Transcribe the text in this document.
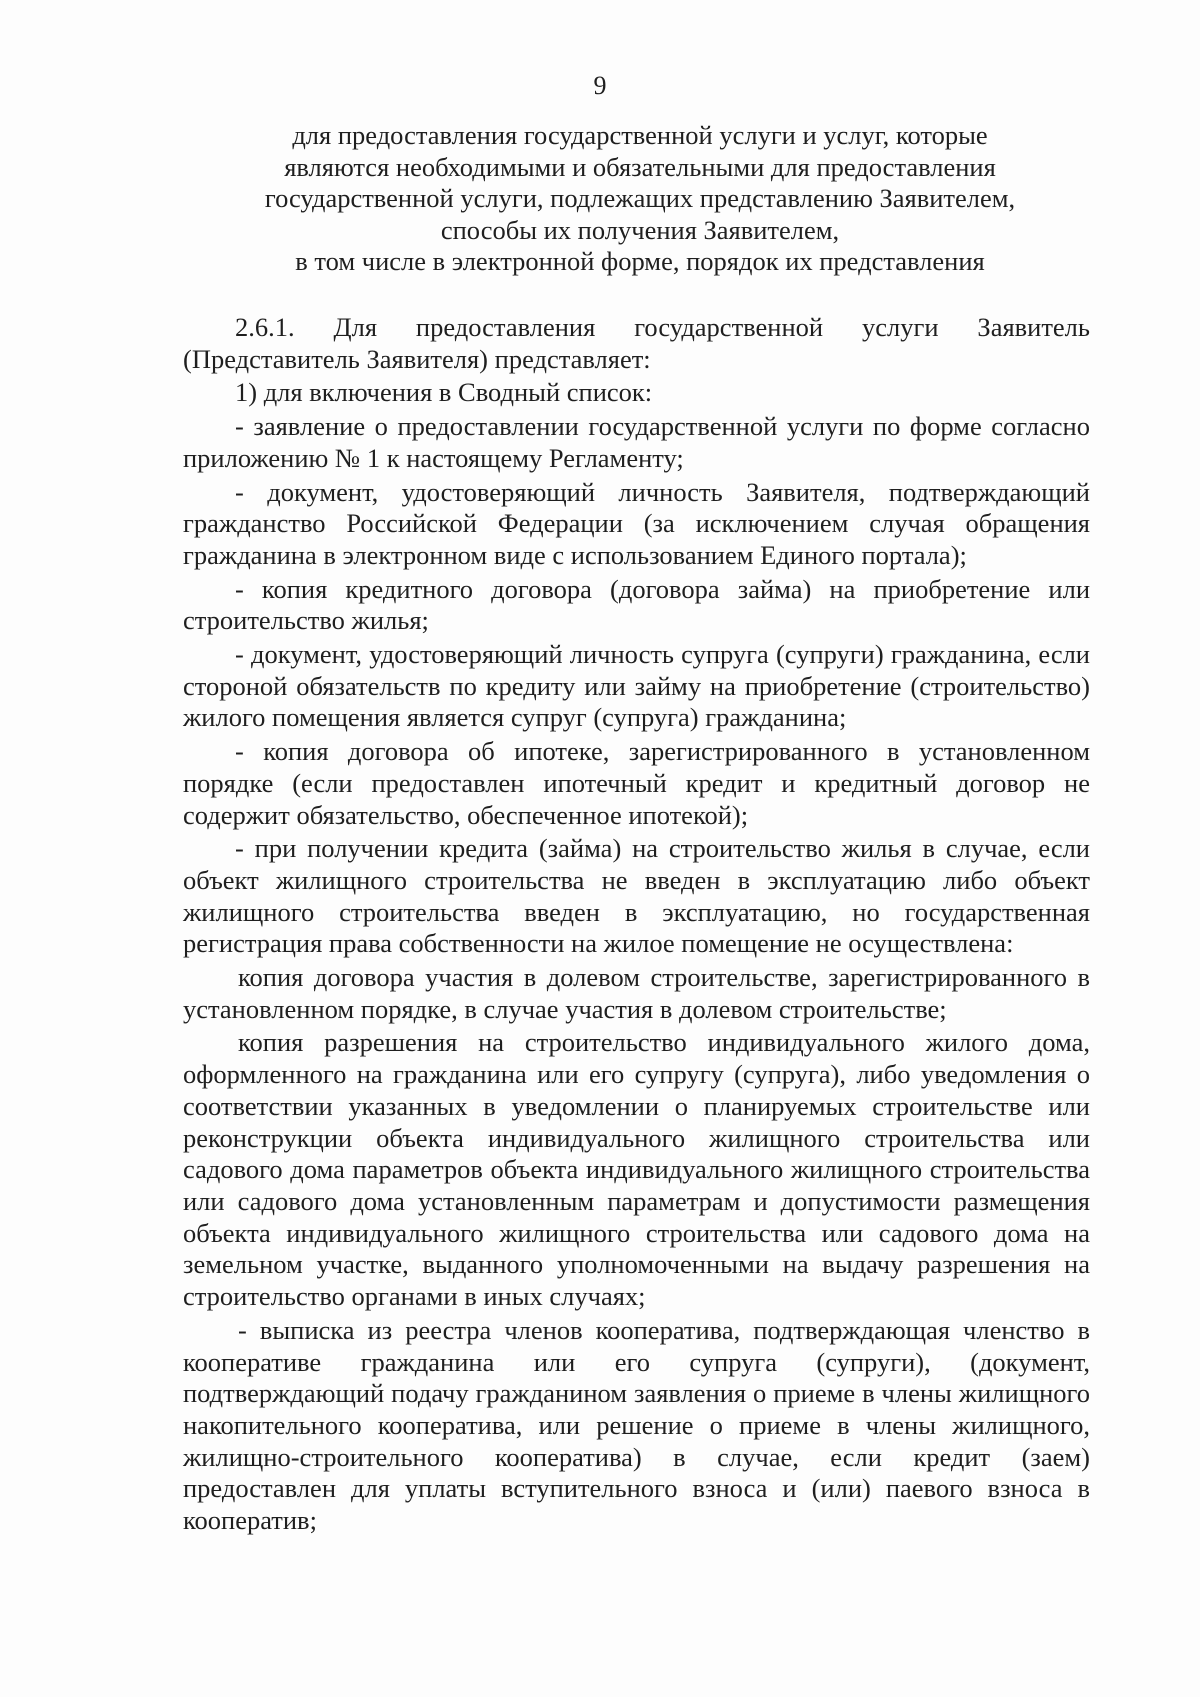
9
для предоставления государственной услуги и услуг, которые
являются необходимыми и обязательными для предоставления
государственной услуги, подлежащих представлению Заявителем,
способы их получения Заявителем,
в том числе в электронной форме, порядок их представления

2.6.1. Для предоставления государственной услуги Заявитель (Представитель Заявителя) представляет:

1) для включения в Сводный список:

- заявление о предоставлении государственной услуги по форме согласно приложению № 1 к настоящему Регламенту;

- документ, удостоверяющий личность Заявителя, подтверждающий гражданство Российской Федерации (за исключением случая обращения гражданина в электронном виде с использованием Единого портала);

- копия кредитного договора (договора займа) на приобретение или строительство жилья;

- документ, удостоверяющий личность супруга (супруги) гражданина, если стороной обязательств по кредиту или займу на приобретение (строительство) жилого помещения является супруг (супруга) гражданина;

- копия договора об ипотеке, зарегистрированного в установленном порядке (если предоставлен ипотечный кредит и кредитный договор не содержит обязательство, обеспеченное ипотекой);

- при получении кредита (займа) на строительство жилья в случае, если объект жилищного строительства не введен в эксплуатацию либо объект жилищного строительства введен в эксплуатацию, но государственная регистрация права собственности на жилое помещение не осуществлена:

копия договора участия в долевом строительстве, зарегистрированного в установленном порядке, в случае участия в долевом строительстве;

копия разрешения на строительство индивидуального жилого дома, оформленного на гражданина или его супругу (супруга), либо уведомления о соответствии указанных в уведомлении о планируемых строительстве или реконструкции объекта индивидуального жилищного строительства или садового дома параметров объекта индивидуального жилищного строительства или садового дома установленным параметрам и допустимости размещения объекта индивидуального жилищного строительства или садового дома на земельном участке, выданного уполномоченными на выдачу разрешения на строительство органами в иных случаях;

- выписка из реестра членов кооператива, подтверждающая членство в кооперативе гражданина или его супруга (супруги), (документ, подтверждающий подачу гражданином заявления о приеме в члены жилищного накопительного кооператива, или решение о приеме в члены жилищного, жилищно-строительного кооператива) в случае, если кредит (заем) предоставлен для уплаты вступительного взноса и (или) паевого взноса в кооператив;
